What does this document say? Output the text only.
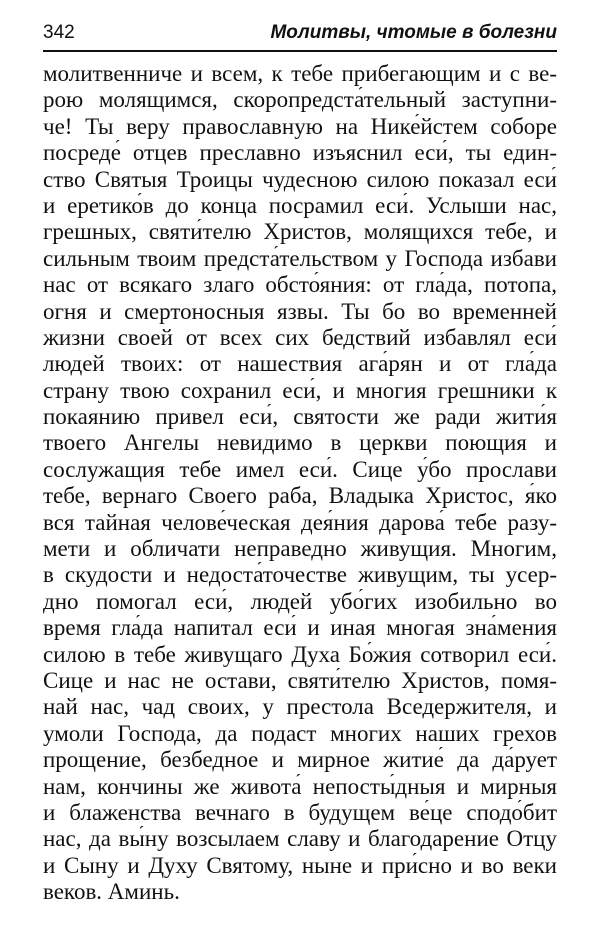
342	Молитвы, чтомые в болезни
молитвенниче и всем, к тебе прибегающим и с ве-
рою молящимся, скоропредста́тельный заступни-
че! Ты веру православную на Нике́йстем соборе
посреде́ отцев преславно изъяснил еси́, ты един-
ство Святыя Троицы чудесною силою показал еси́
и еретико́в до конца посрамил еси́. Услыши нас,
грешных, святи́телю Христов, молящихся тебе, и
сильным твоим предста́тельством у Господа избави
нас от всякаго злаго обсто́яния: от гла́да, потопа,
огня и смертоносныя язвы. Ты бо во временней
жизни своей от всех сих бедствий избавлял еси́
людей твоих: от нашествия ага́рян и от гла́да
страну твою сохранил еси́, и многия грешники к
покаянию привел еси́, святости же ради жити́я
твоего Ангелы невидимо в церкви поющия и
сослужащия тебе имел еси́. Сице у́бо прослави
тебе, вернаго Своего раба, Владыка Христос, я́ко
вся тайная челове́ческая дея́ния дарова́ тебе разу-
мети и обличати неправедно живущия. Многим,
в скудости и недоста́точестве живущим, ты усер-
дно помогал еси́, людей убо́гих изобильно во
время гла́да напитал еси́ и иная многая зна́мения
силою в тебе живущаго Духа Бо́жия сотворил еси́.
Сице и нас не остави, святи́телю Христов, помя-
най нас, чад своих, у престола Вседержителя, и
умоли Господа, да подаст многих наших грехов
прощение, безбедное и мирное житие́ да да́рует
нам, кончины же живота́ непосты́дныя и мирныя
и блаженства вечнаго в будущем ве́це сподо́бит
нас, да вы́ну возсылаем славу и благодарение Отцу
и Сыну и Духу Святому, ныне и при́сно и во веки
веков. Аминь.
